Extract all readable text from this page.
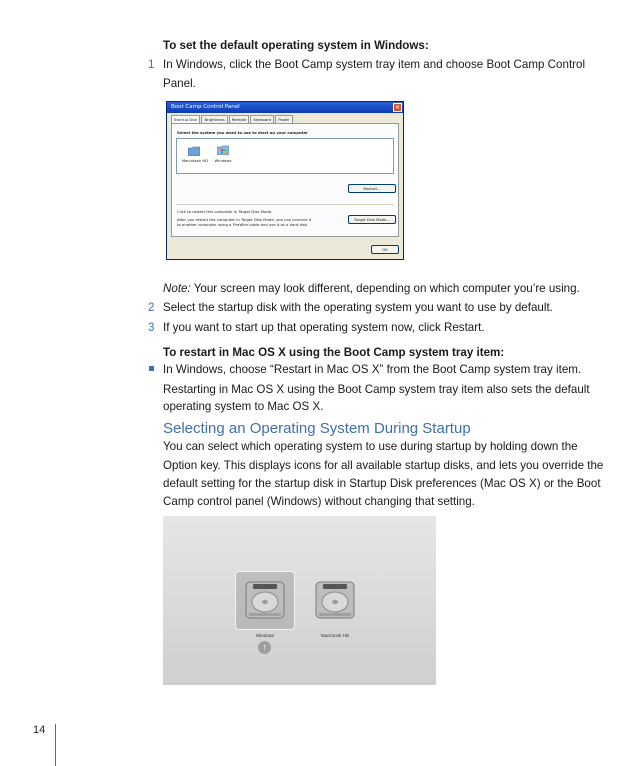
To set the default operating system in Windows:
1 In Windows, click the Boot Camp system tray item and choose Boot Camp Control
Panel.
Boot Camp Control Panel	✕
Startup Disk	Brightness	Remote	Keyboard	Power
Select the system you want to use to start up your computer
Macintosh HD	Windows
Restart...
Click to restart this computer in Target Disk Mode.
After you restart the computer in Target Disk Mode, you can connect it
to another computer using a FireWire cable and use it as a hard disk.
Target Disk Mode...
OK
Note: Your screen may look different, depending on which computer you’re using.
2 Select the startup disk with the operating system you want to use by default.
3 If you want to start up that operating system now, click Restart.
To restart in Mac OS X using the Boot Camp system tray item:
In Windows, choose “Restart in Mac OS X” from the Boot Camp system tray item.
Restarting in Mac OS X using the Boot Camp system tray item also sets the default
operating system to Mac OS X.
Selecting an Operating System During Startup
You can select which operating system to use during startup by holding down the
Option key. This displays icons for all available startup disks, and lets you override the
default setting for the startup disk in Startup Disk preferences (Mac OS X) or the Boot
Camp control panel (Windows) without changing that setting.
Windows	Macintosh HD
↑
14
